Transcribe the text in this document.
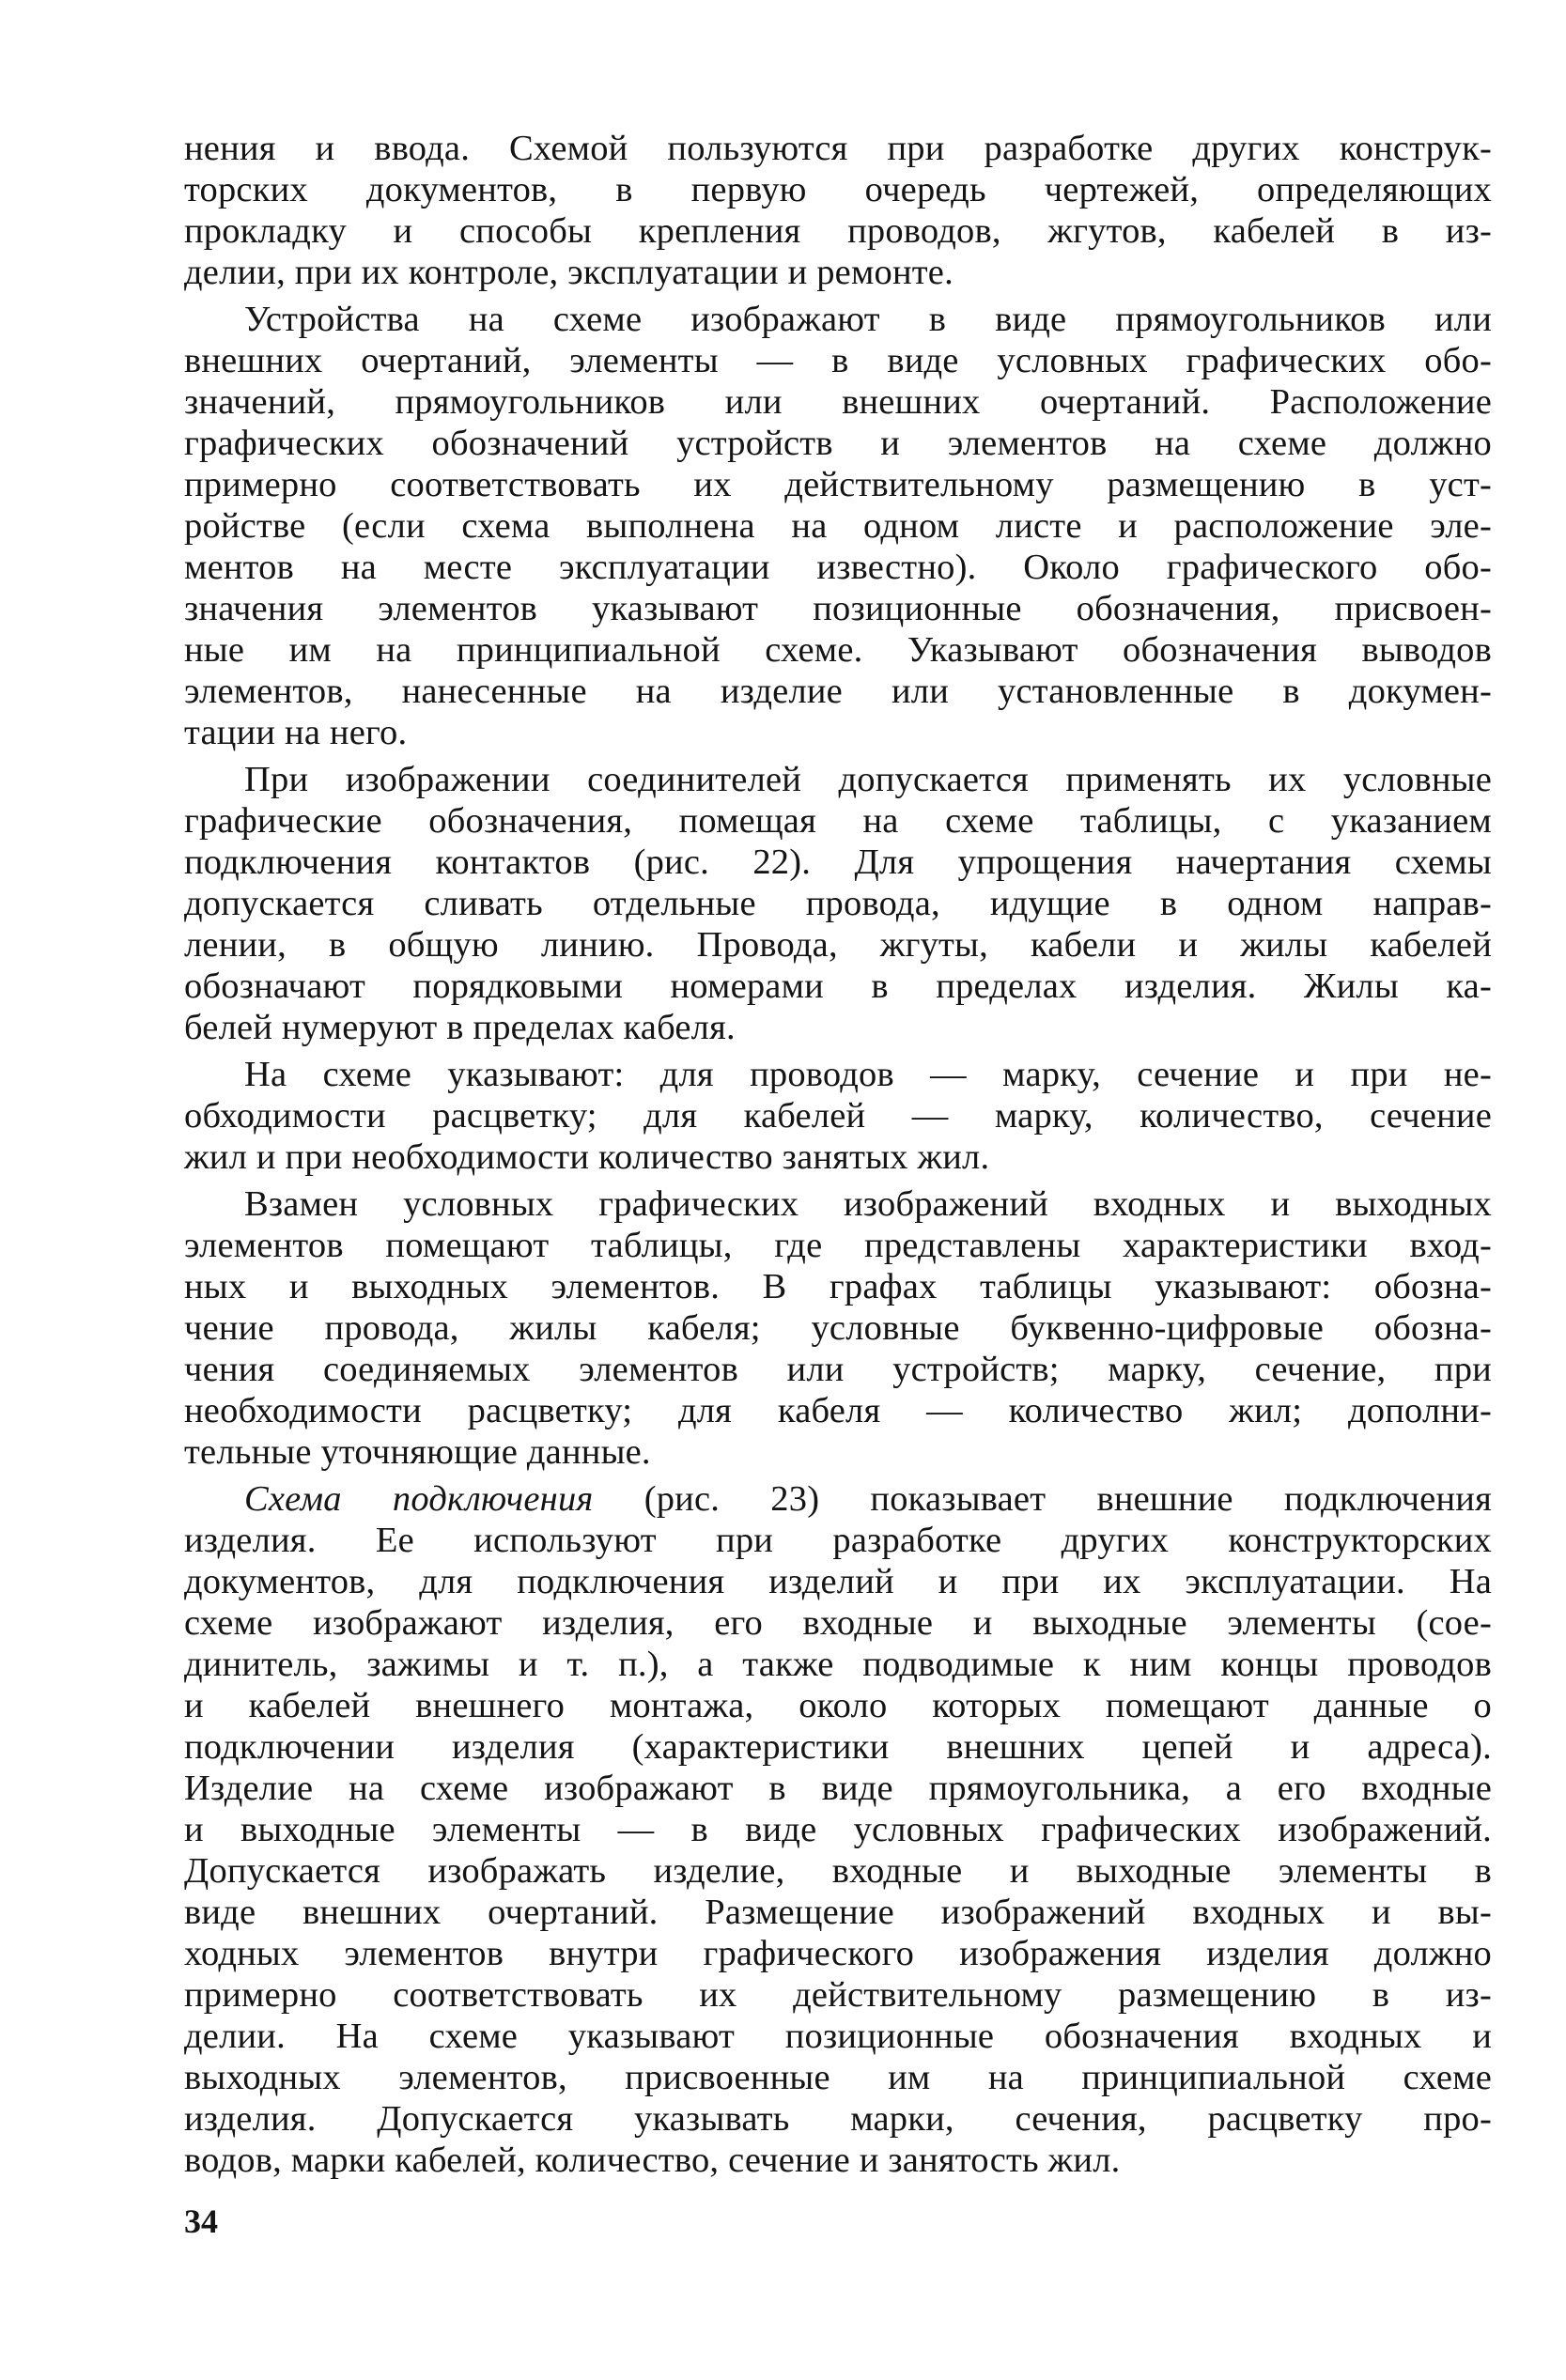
нения и ввода. Схемой пользуются при разработке других конструк-
торских документов, в первую очередь чертежей, определяющих
прокладку и способы крепления проводов, жгутов, кабелей в из-
делии, при их контроле, эксплуатации и ремонте.
Устройства на схеме изображают в виде прямоугольников или
внешних очертаний, элементы — в виде условных графических обо-
значений, прямоугольников или внешних очертаний. Расположение
графических обозначений устройств и элементов на схеме должно
примерно соответствовать их действительному размещению в уст-
ройстве (если схема выполнена на одном листе и расположение эле-
ментов на месте эксплуатации известно). Около графического обо-
значения элементов указывают позиционные обозначения, присвоен-
ные им на принципиальной схеме. Указывают обозначения выводов
элементов, нанесенные на изделие или установленные в докумен-
тации на него.
При изображении соединителей допускается применять их условные
графические обозначения, помещая на схеме таблицы, с указанием
подключения контактов (рис. 22). Для упрощения начертания схемы
допускается сливать отдельные провода, идущие в одном направ-
лении, в общую линию. Провода, жгуты, кабели и жилы кабелей
обозначают порядковыми номерами в пределах изделия. Жилы ка-
белей нумеруют в пределах кабеля.
На схеме указывают: для проводов — марку, сечение и при не-
обходимости расцветку; для кабелей — марку, количество, сечение
жил и при необходимости количество занятых жил.
Взамен условных графических изображений входных и выходных
элементов помещают таблицы, где представлены характеристики вход-
ных и выходных элементов. В графах таблицы указывают: обозна-
чение провода, жилы кабеля; условные буквенно-цифровые обозна-
чения соединяемых элементов или устройств; марку, сечение, при
необходимости расцветку; для кабеля — количество жил; дополни-
тельные уточняющие данные.
Схема подключения (рис. 23) показывает внешние подключения
изделия. Ее используют при разработке других конструкторских
документов, для подключения изделий и при их эксплуатации. На
схеме изображают изделия, его входные и выходные элементы (сое-
динитель, зажимы и т. п.), а также подводимые к ним концы проводов
и кабелей внешнего монтажа, около которых помещают данные о
подключении изделия (характеристики внешних цепей и адреса).
Изделие на схеме изображают в виде прямоугольника, а его входные
и выходные элементы — в виде условных графических изображений.
Допускается изображать изделие, входные и выходные элементы в
виде внешних очертаний. Размещение изображений входных и вы-
ходных элементов внутри графического изображения изделия должно
примерно соответствовать их действительному размещению в из-
делии. На схеме указывают позиционные обозначения входных и
выходных элементов, присвоенные им на принципиальной схеме
изделия. Допускается указывать марки, сечения, расцветку про-
водов, марки кабелей, количество, сечение и занятость жил.
34
